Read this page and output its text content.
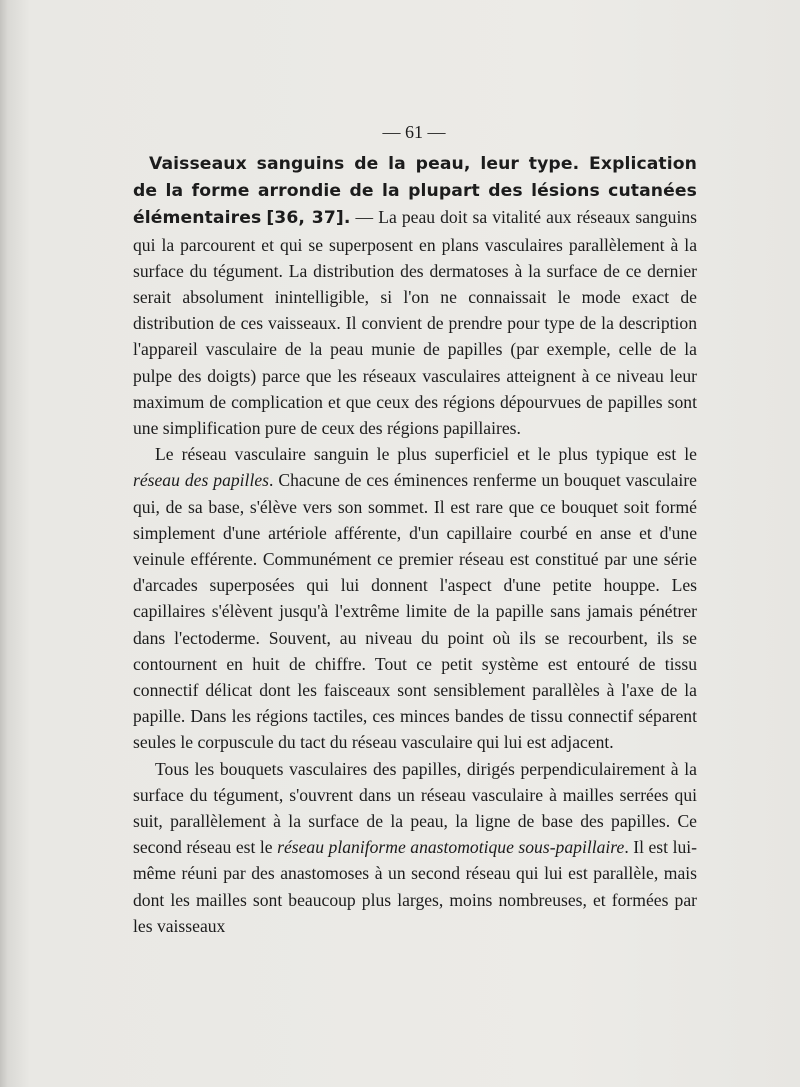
— 61 —

Vaisseaux sanguins de la peau, leur type. Explication de la forme arrondie de la plupart des lésions cutanées élémentaires [36, 37]. — La peau doit sa vitalité aux réseaux sanguins qui la parcourent et qui se superposent en plans vasculaires parallèlement à la surface du tégument. La distribution des dermatoses à la surface de ce dernier serait absolument inintelligible, si l'on ne connaissait le mode exact de distribution de ces vaisseaux. Il convient de prendre pour type de la description l'appareil vasculaire de la peau munie de papilles (par exemple, celle de la pulpe des doigts) parce que les réseaux vasculaires atteignent à ce niveau leur maximum de complication et que ceux des régions dépourvues de papilles sont une simplification pure de ceux des régions papillaires.

Le réseau vasculaire sanguin le plus superficiel et le plus typique est le réseau des papilles. Chacune de ces éminences renferme un bouquet vasculaire qui, de sa base, s'élève vers son sommet. Il est rare que ce bouquet soit formé simplement d'une artériole afférente, d'un capillaire courbé en anse et d'une veinule efférente. Communément ce premier réseau est constitué par une série d'arcades superposées qui lui donnent l'aspect d'une petite houppe. Les capillaires s'élèvent jusqu'à l'extrême limite de la papille sans jamais pénétrer dans l'ectoderme. Souvent, au niveau du point où ils se recourbent, ils se contournent en huit de chiffre. Tout ce petit système est entouré de tissu connectif délicat dont les faisceaux sont sensiblement parallèles à l'axe de la papille. Dans les régions tactiles, ces minces bandes de tissu connectif séparent seules le corpuscule du tact du réseau vasculaire qui lui est adjacent.

Tous les bouquets vasculaires des papilles, dirigés perpendiculairement à la surface du tégument, s'ouvrent dans un réseau vasculaire à mailles serrées qui suit, parallèlement à la surface de la peau, la ligne de base des papilles. Ce second réseau est le réseau planiforme anastomotique sous-papillaire. Il est lui-même réuni par des anastomoses à un second réseau qui lui est parallèle, mais dont les mailles sont beaucoup plus larges, moins nombreuses, et formées par les vaisseaux
